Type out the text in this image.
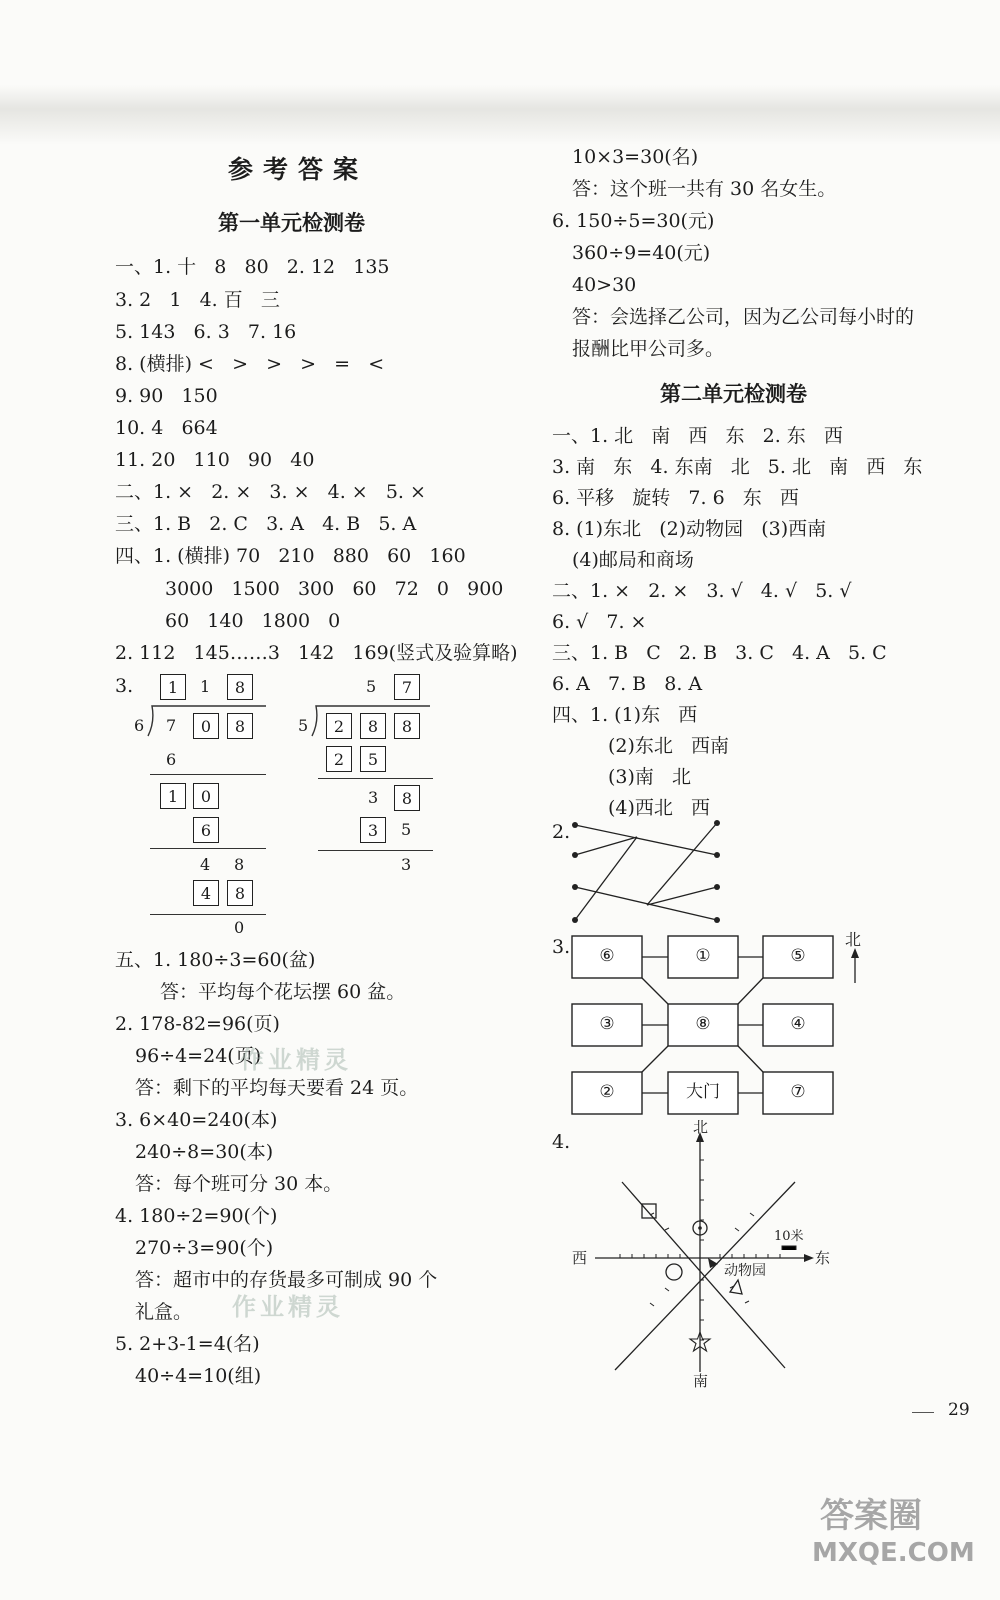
参考答案
第一单元检测卷
一、1. 十   8   80   2. 12   135
3. 2   1   4. 百   三
5. 143   6. 3   7. 16
8. (横排) <   >   >   >   =   <
9. 90   150
10. 4   664
11. 20   110   90   40
二、1. ×   2. ×   3. ×   4. ×   5. ×
三、1. B   2. C   3. A   4. B   5. A
四、1. (横排) 70   210   880   60   160
3000   1500   300   60   72   0   900
60   140   1800   0
2. 112   145……3   142   169(竖式及验算略)
3.	1	1	8
6 7	0	8
6
1	0
6
4 8
4	8
0
5	7
5	2	8	8
2	5
3	8
3	5
3
五、1. 180÷3=60(盆)
答：平均每个花坛摆 60 盆。
2. 178-82=96(页)
96÷4=24(页)
答：剩下的平均每天要看 24 页。
3. 6×40=240(本)
240÷8=30(本)
答：每个班可分 30 本。
4. 180÷2=90(个)
270÷3=90(个)
答：超市中的存货最多可制成 90 个
礼盒。
5. 2+3-1=4(名)
40÷4=10(组)
10×3=30(名)
答：这个班一共有 30 名女生。
6. 150÷5=30(元)
360÷9=40(元)
40>30
答：会选择乙公司，因为乙公司每小时的
报酬比甲公司多。
第二单元检测卷
一、1. 北   南   西   东   2. 东   西
3. 南   东   4. 东南   北   5. 北   南   西   东
6. 平移   旋转   7. 6   东   西
8. (1)东北   (2)动物园   (3)西南
(4)邮局和商场
二、1. ×   2. ×   3. √   4. √   5. √
6. √   7. ×
三、1. B   C   2. B   3. C   4. A   5. C
6. A   7. B   8. A
四、1. (1)东   西
(2)东北   西南
(3)南   北
(4)西北   西
2.
3.	⑥	①	⑤
③	⑧	④
②	大门	⑦
北
4.
北
南
西	东
10米
动物园
29
作业精灵
作业精灵
答案圈
MXQE.COM
